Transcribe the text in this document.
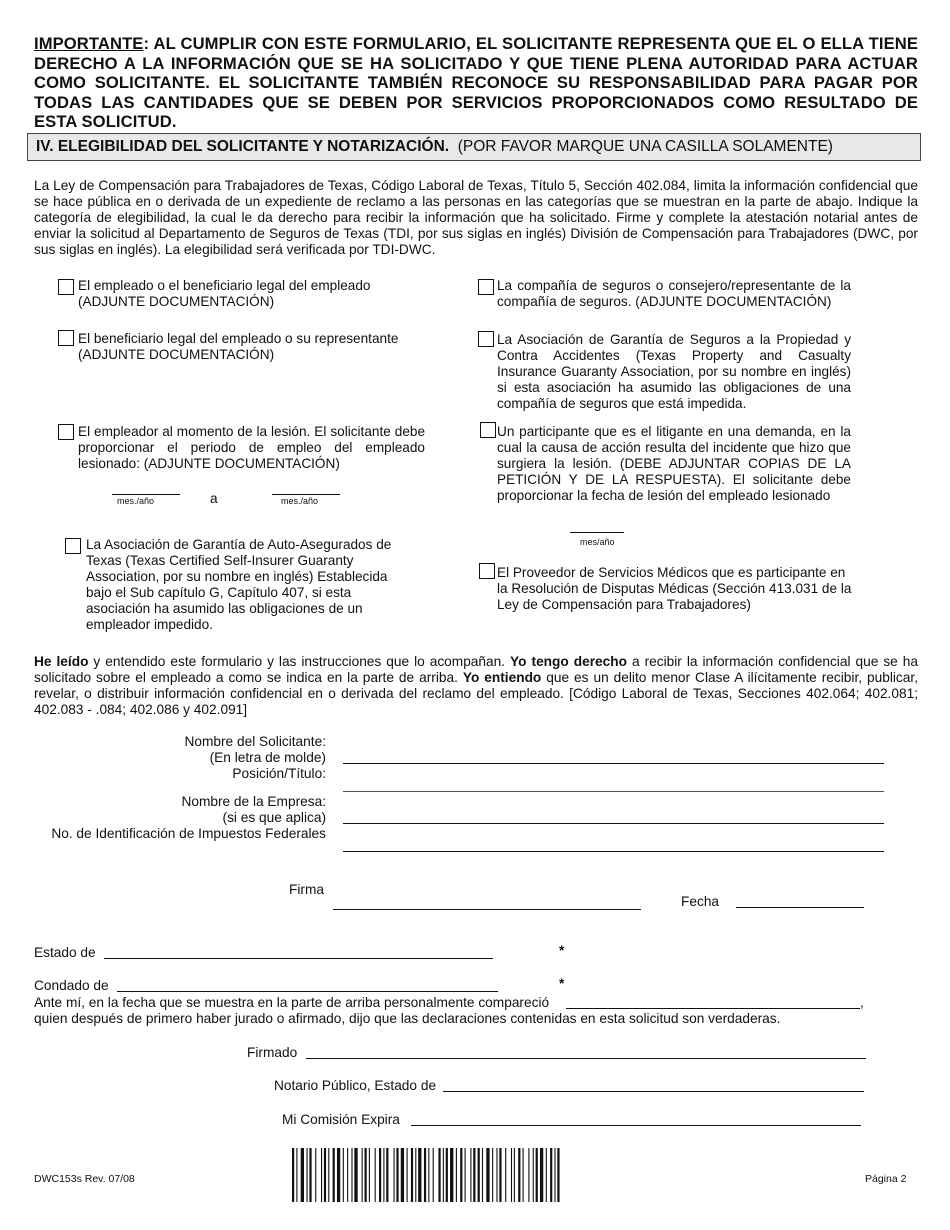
IMPORTANTE: AL CUMPLIR CON ESTE FORMULARIO, EL SOLICITANTE REPRESENTA QUE EL O ELLA TIENE DERECHO A LA INFORMACIÓN QUE SE HA SOLICITADO Y QUE TIENE PLENA AUTORIDAD PARA ACTUAR COMO SOLICITANTE. EL SOLICITANTE TAMBIÉN RECONOCE SU RESPONSABILIDAD PARA PAGAR POR TODAS LAS CANTIDADES QUE SE DEBEN POR SERVICIOS PROPORCIONADOS COMO RESULTADO DE ESTA SOLICITUD.
IV. ELEGIBILIDAD DEL SOLICITANTE Y NOTARIZACIÓN. (POR FAVOR MARQUE UNA CASILLA SOLAMENTE)
La Ley de Compensación para Trabajadores de Texas, Código Laboral de Texas, Título 5, Sección 402.084, limita la información confidencial que se hace pública en o derivada de un expediente de reclamo a las personas en las categorías que se muestran en la parte de abajo. Indique la categoría de elegibilidad, la cual le da derecho para recibir la información que ha solicitado. Firme y complete la atestación notarial antes de enviar la solicitud al Departamento de Seguros de Texas (TDI, por sus siglas en inglés) División de Compensación para Trabajadores (DWC, por sus siglas en inglés). La elegibilidad será verificada por TDI-DWC.
El empleado o el beneficiario legal del empleado (ADJUNTE DOCUMENTACIÓN)
El beneficiario legal del empleado o su representante (ADJUNTE DOCUMENTACIÓN)
El empleador al momento de la lesión. El solicitante debe proporcionar el periodo de empleo del empleado lesionado: (ADJUNTE DOCUMENTACIÓN)
mes./año	a	mes./año
La Asociación de Garantía de Auto-Asegurados de Texas (Texas Certified Self-Insurer Guaranty Association, por su nombre en inglés) Establecida bajo el Sub capítulo G, Capítulo 407, si esta asociación ha asumido las obligaciones de un empleador impedido.
La compañía de seguros o consejero/representante de la compañía de seguros. (ADJUNTE DOCUMENTACIÓN)
La Asociación de Garantía de Seguros a la Propiedad y Contra Accidentes (Texas Property and Casualty Insurance Guaranty Association, por su nombre en inglés) si esta asociación ha asumido las obligaciones de una compañía de seguros que está impedida.
Un participante que es el litigante en una demanda, en la cual la causa de acción resulta del incidente que hizo que surgiera la lesión. (DEBE ADJUNTAR COPIAS DE LA PETICIÓN Y DE LA RESPUESTA). El solicitante debe proporcionar la fecha de lesión del empleado lesionado
mes/año
El Proveedor de Servicios Médicos que es participante en la Resolución de Disputas Médicas (Sección 413.031 de la Ley de Compensación para Trabajadores)
He leído y entendido este formulario y las instrucciones que lo acompañan. Yo tengo derecho a recibir la información confidencial que se ha solicitado sobre el empleado a como se indica en la parte de arriba. Yo entiendo que es un delito menor Clase A ilícitamente recibir, publicar, revelar, o distribuir información confidencial en o derivada del reclamo del empleado. [Código Laboral de Texas, Secciones 402.064; 402.081; 402.083 - .084; 402.086 y 402.091]
Nombre del Solicitante:
(En letra de molde)
Posición/Título:
Nombre de la Empresa:
(si es que aplica)
No. de Identificación de Impuestos Federales
Firma
Fecha
Estado de	*
Condado de	*
Ante mí, en la fecha que se muestra en la parte de arriba personalmente compareció	,
quien después de primero haber jurado o afirmado, dijo que las declaraciones contenidas en esta solicitud son verdaderas.
Firmado
Notario Público, Estado de
Mi Comisión Expira
DWC153s Rev. 07/08	Página 2
